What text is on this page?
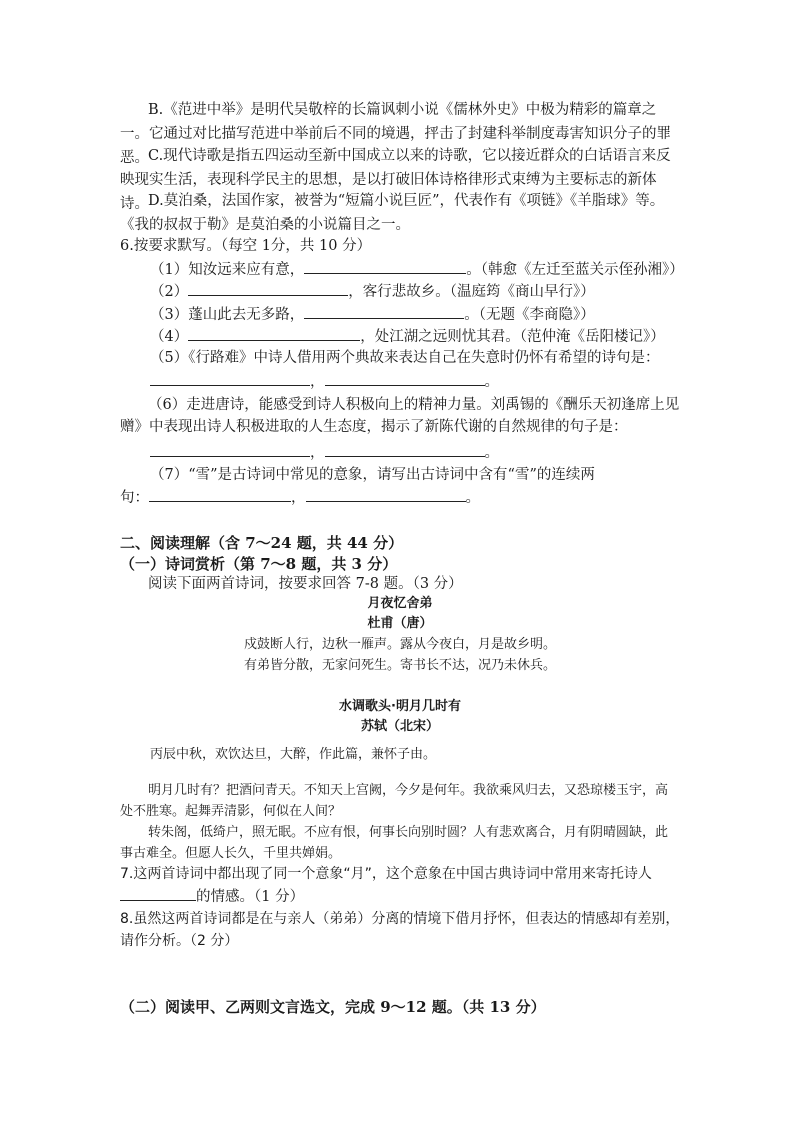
B.《范进中举》是明代吴敬梓的长篇讽刺小说《儒林外史》中极为精彩的篇章之一。它通过对比描写范进中举前后不同的境遇，抨击了封建科举制度毒害知识分子的罪恶。 C.现代诗歌是指五四运动至新中国成立以来的诗歌，它以接近群众的白话语言来反映现实生活，表现科学民主的思想，是以打破旧体诗格律形式束缚为主要标志的新体诗。 D.莫泊桑，法国作家，被誉为“短篇小说巨匠”，代表作有《项链》《羊脂球》等。《我的叔叔于勒》是莫泊桑的小说篇目之一。
6.按要求默写。（每空 1分，共 10 分）
（1）知汝远来应有意，	。（韩愈《左迁至蓝关示侄孙湘》）
（2）	，客行悲故乡。（温庭筠《商山早行》）
（3）蓬山此去无多路，	。（无题《李商隐》）
（4）	，处江湖之远则忧其君。（范仲淹《岳阳楼记》）
（5）《行路难》中诗人借用两个典故来表达自己在失意时仍怀有希望的诗句是：
，	。
（6）走进唐诗，能感受到诗人积极向上的精神力量。刘禹锡的《酬乐天初逢席上见赠》中表现出诗人积极进取的人生态度，揭示了新陈代谢的自然规律的句子是：
，	。
（7）“雪”是古诗词中常见的意象，请写出古诗词中含有“雪”的连续两
句：	，	。
二、阅读理解（含 7～24 题，共 44 分）
（一）诗词赏析（第 7～8 题，共 3 分）
阅读下面两首诗词，按要求回答 7-8 题。（3 分）
月夜忆舍弟
杜甫（唐）
戍鼓断人行，边秋一雁声。露从今夜白，月是故乡明。
有弟皆分散，无家问死生。寄书长不达，况乃未休兵。
水调歌头·明月几时有
苏轼（北宋）
丙辰中秋，欢饮达旦，大醉，作此篇，兼怀子由。
明月几时有？把酒问青天。不知天上宫阙，今夕是何年。我欲乘风归去，又恐琼楼玉宇，高处不胜寒。起舞弄清影，何似在人间？
转朱阁，低绮户，照无眠。不应有恨，何事长向别时圆？人有悲欢离合，月有阴晴圆缺，此事古难全。但愿人长久，千里共婵娟。
7.这两首诗词中都出现了同一个意象“月”，这个意象在中国古典诗词中常用来寄托诗人
的情感。（1 分）
8.虽然这两首诗词都是在与亲人（弟弟）分离的情境下借月抒怀，但表达的情感却有差别，请作分析。（2 分）
（二）阅读甲、乙两则文言选文，完成 9～12 题。（共 13 分）
